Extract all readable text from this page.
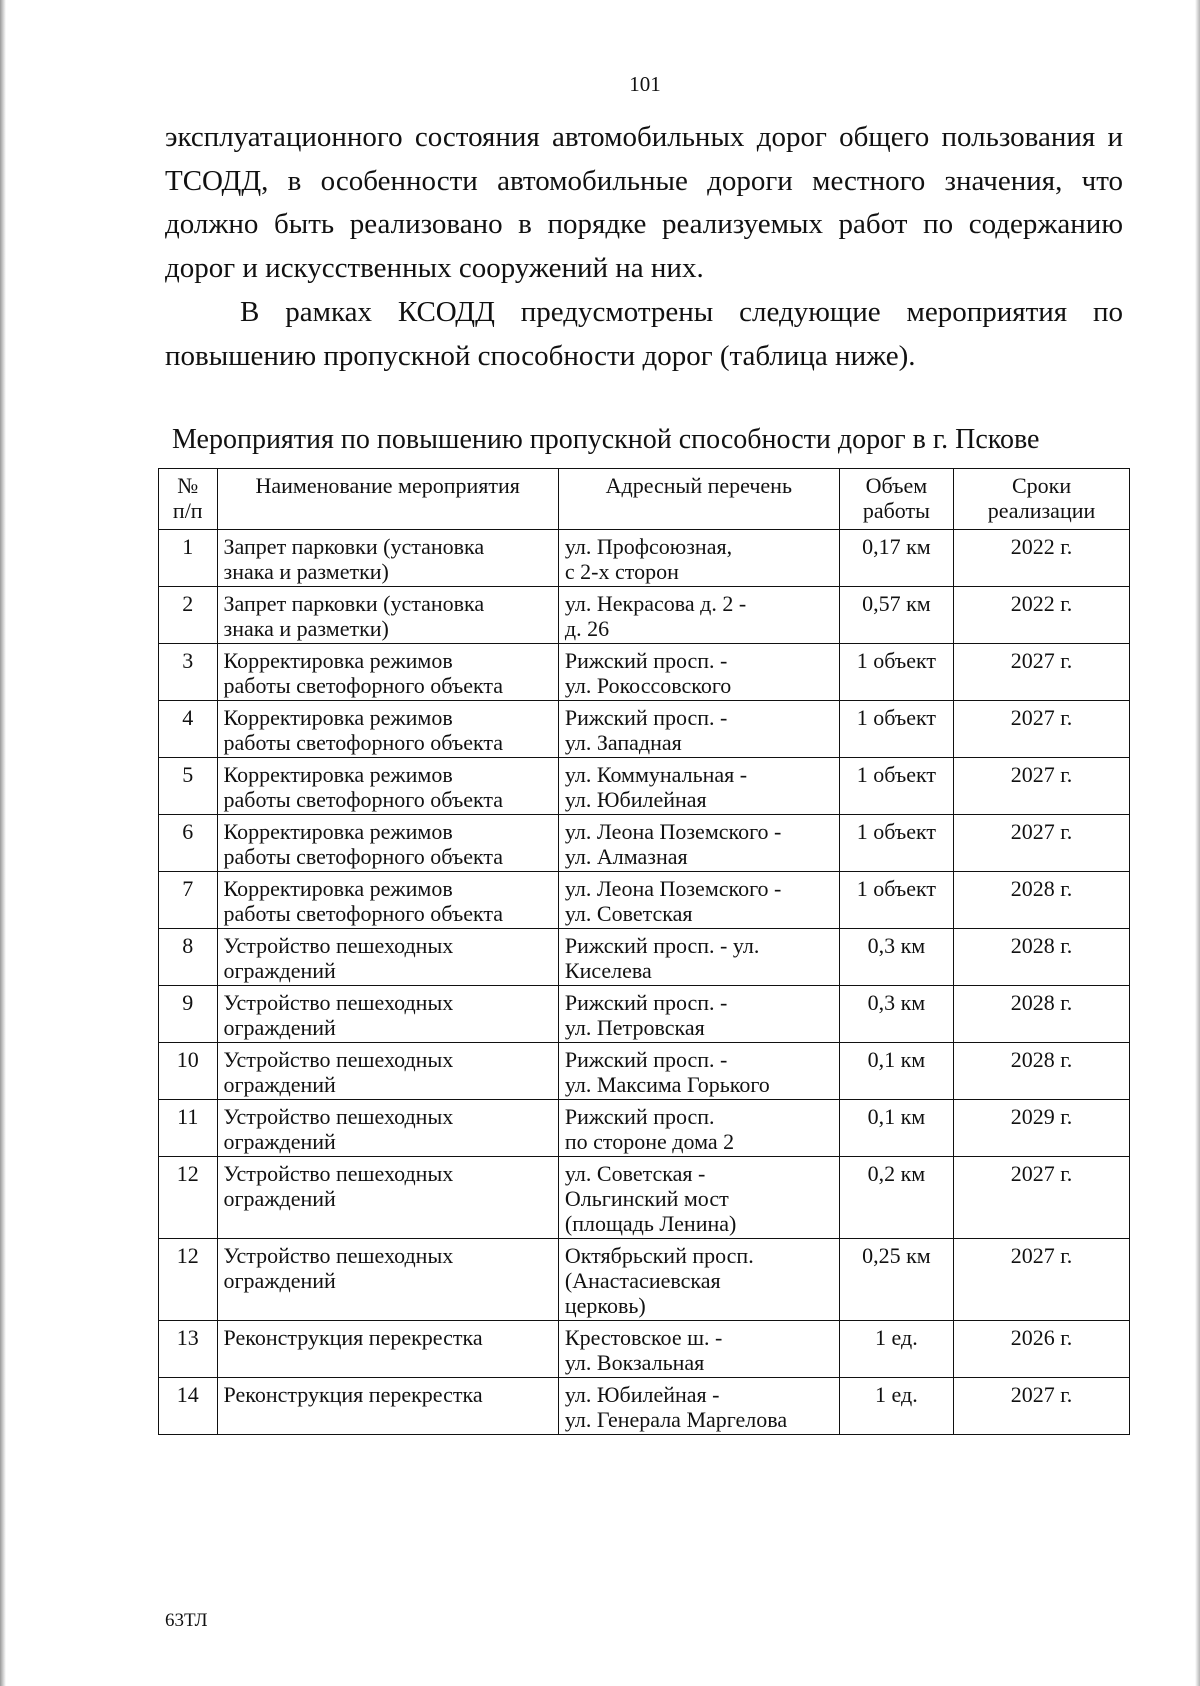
101
эксплуатационного состояния автомобильных дорог общего пользования и ТСОДД, в особенности автомобильные дороги местного значения, что должно быть реализовано в порядке реализуемых работ по содержанию дорог и искусственных сооружений на них.
В рамках КСОДД предусмотрены следующие мероприятия по повышению пропускной способности дорог (таблица ниже).
Мероприятия по повышению пропускной способности дорог в г. Пскове
№
п/п	Наименование мероприятия	Адресный перечень	Объем
работы	Сроки
реализации
1	Запрет парковки (установка
знака и разметки)	ул. Профсоюзная,
с 2-х сторон	0,17 км	2022 г.
2	Запрет парковки (установка
знака и разметки)	ул. Некрасова д. 2 -
д. 26	0,57 км	2022 г.
3	Корректировка режимов
работы светофорного объекта	Рижский просп. -
ул. Рокоссовского	1 объект	2027 г.
4	Корректировка режимов
работы светофорного объекта	Рижский просп. -
ул. Западная	1 объект	2027 г.
5	Корректировка режимов
работы светофорного объекта	ул. Коммунальная -
ул. Юбилейная	1 объект	2027 г.
6	Корректировка режимов
работы светофорного объекта	ул. Леона Поземского -
ул. Алмазная	1 объект	2027 г.
7	Корректировка режимов
работы светофорного объекта	ул. Леона Поземского -
ул. Советская	1 объект	2028 г.
8	Устройство пешеходных
ограждений	Рижский просп. - ул.
Киселева	0,3 км	2028 г.
9	Устройство пешеходных
ограждений	Рижский просп. -
ул. Петровская	0,3 км	2028 г.
10	Устройство пешеходных
ограждений	Рижский просп. -
ул. Максима Горького	0,1 км	2028 г.
11	Устройство пешеходных
ограждений	Рижский просп.
по стороне дома 2	0,1 км	2029 г.
12	Устройство пешеходных
ограждений	ул. Советская -
Ольгинский мост
(площадь Ленина)	0,2 км	2027 г.
12	Устройство пешеходных
ограждений	Октябрьский просп.
(Анастасиевская
церковь)	0,25 км	2027 г.
13	Реконструкция перекрестка	Крестовское ш. -
ул. Вокзальная	1 ед.	2026 г.
14	Реконструкция перекрестка	ул. Юбилейная -
ул. Генерала Маргелова	1 ед.	2027 г.
63ТЛ
